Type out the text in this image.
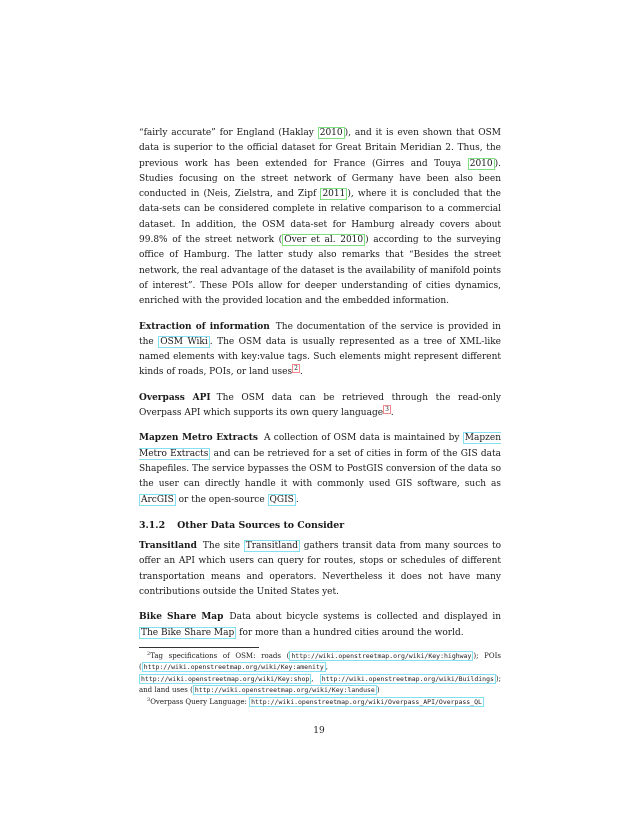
“fairly accurate” for England (Haklay 2010 ), and it is even shown that OSM data is superior to the official dataset for Great Britain Meridian 2. Thus, the previous work has been extended for France (Girres and Touya 2010 ). Studies focusing on the street network of Germany have been also been conducted in (Neis, Zielstra, and Zipf 2011 ), where it is concluded that the data-sets can be considered complete in relative comparison to a commercial dataset. In addition, the OSM data-set for Hamburg already covers about 99.8% of the street network ( Over et al. 2010 ) according to the surveying office of Hamburg. The latter study also remarks that “Besides the street network, the real advantage of the dataset is the availability of manifold points of interest”. These POIs allow for deeper understanding of cities dynamics, enriched with the provided location and the embedded information.

Extraction of information The documentation of the service is provided in the OSM Wiki . The OSM data is usually represented as a tree of XML-like named elements with key:value tags. Such elements might represent different kinds of roads, POIs, or land uses $^2$ .

Overpass API The OSM data can be retrieved through the read-only Overpass API which supports its own query language $^3$ .

Mapzen Metro Extracts A collection of OSM data is maintained by Mapzen Metro Extracts and can be retrieved for a set of cities in form of the GIS data Shapefiles. The service bypasses the OSM to PostGIS conversion of the data so the user can directly handle it with commonly used GIS software, such as ArcGIS or the open-source QGIS .

3.1.2 Other Data Sources to Consider

Transitland The site Transitland gathers transit data from many sources to offer an API which users can query for routes, stops or schedules of different transportation means and operators. Nevertheless it does not have many contributions outside the United States yet.

Bike Share Map Data about bicycle systems is collected and displayed in The Bike Share Map for more than a hundred cities around the world.

$^2$Tag specifications of OSM: roads ( http://wiki.openstreetmap.org/wiki/Key:highway ); POIs ( http://wiki.openstreetmap.org/wiki/Key:amenity , http://wiki.openstreetmap.org/wiki/Key:shop , http://wiki.openstreetmap.org/wiki/Buildings ); and land uses ( http://wiki.openstreetmap.org/wiki/Key:landuse )

$^3$Overpass Query Language: http://wiki.openstreetmap.org/wiki/Overpass_API/Overpass_QL

19
